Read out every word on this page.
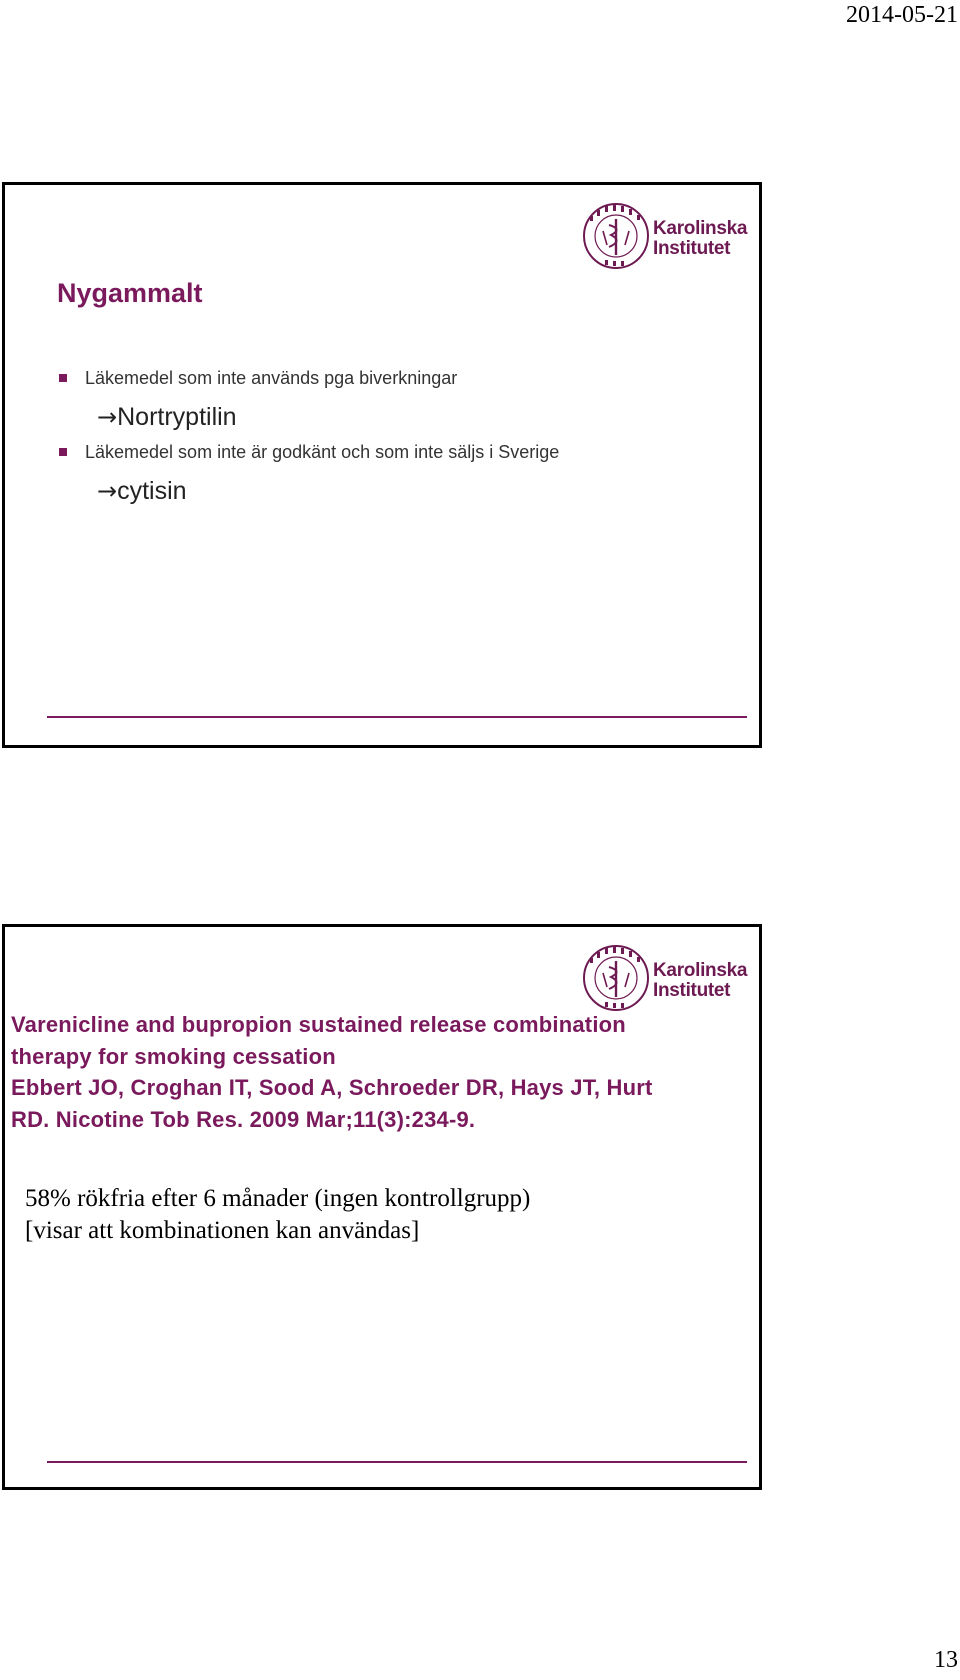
2014-05-21
Karolinska
Institutet
Nygammalt
Läkemedel som inte används pga biverkningar
→Nortryptilin
Läkemedel som inte är godkänt och som inte säljs i Sverige
→cytisin
Karolinska
Institutet
Varenicline and bupropion sustained release combination
therapy for smoking cessation
Ebbert JO, Croghan IT, Sood A, Schroeder DR, Hays JT, Hurt
RD. Nicotine Tob Res. 2009 Mar;11(3):234-9.
58% rökfria efter 6 månader (ingen kontrollgrupp)
[visar att kombinationen kan användas]
13
